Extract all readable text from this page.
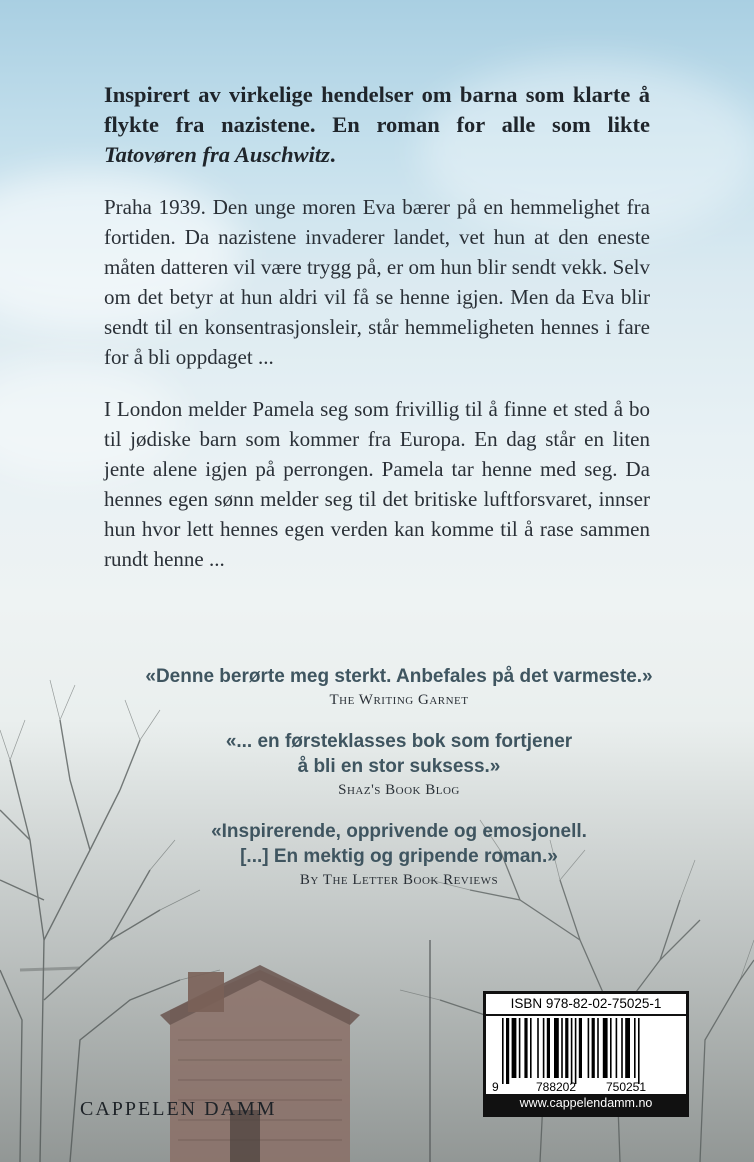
Inspirert av virkelige hendelser om barna som klarte å flykte fra nazistene. En roman for alle som likte Tatovøren fra Auschwitz.

Praha 1939. Den unge moren Eva bærer på en hemmelighet fra fortiden. Da nazistene invaderer landet, vet hun at den eneste måten datteren vil være trygg på, er om hun blir sendt vekk. Selv om det betyr at hun aldri vil få se henne igjen. Men da Eva blir sendt til en konsentrasjonsleir, står hemmeligheten hennes i fare for å bli oppdaget ...

I London melder Pamela seg som frivillig til å finne et sted å bo til jødiske barn som kommer fra Europa. En dag står en liten jente alene igjen på perrongen. Pamela tar henne med seg. Da hennes egen sønn melder seg til det britiske luftforsvaret, innser hun hvor lett hennes egen verden kan komme til å rase sammen rundt henne ...

«Denne berørte meg sterkt. Anbefales på det varmeste.»
The Writing Garnet
«... en førsteklasses bok som fortjener
å bli en stor suksess.»
Shaz's Book Blog
«Inspirerende, opprivende og emosjonell.
[...] En mektig og gripende roman.»
By The Letter Book Reviews
CAPPELEN DAMM
ISBN 978-82-02-75025-1
9	788202 750251
www.cappelendamm.no
